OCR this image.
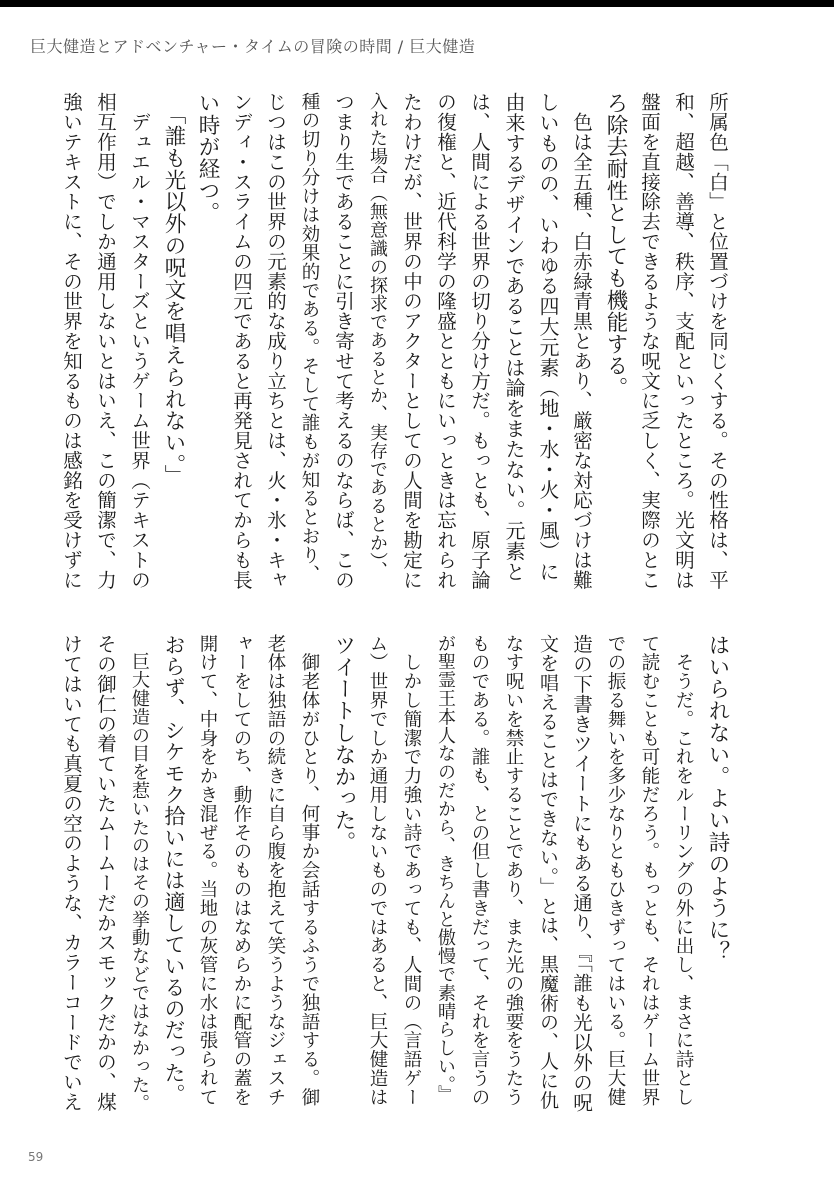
巨大健造とアドベンチャー・タイムの冒険の時間 / 巨大健造
所属色「白」と位置づけを同じくする。その性格は、平
和、超越、善導、秩序、支配といったところ。光文明は
盤面を直接除去できるような呪文に乏しく、実際のとこ
ろ除去耐性としても機能する。
　色は全五種、白赤緑青黒とあり、厳密な対応づけは難
しいものの、いわゆる四大元素（地・水・火・風）に
由来するデザインであることは論をまたない。元素と
は、人間による世界の切り分け方だ。もっとも、原子論
の復権と、近代科学の隆盛とともにいっときは忘れられ
たわけだが、世界の中のアクターとしての人間を勘定に
入れた場合（無意識の探求であるとか、実存であるとか）、
つまり生であることに引き寄せて考えるのならば、この
種の切り分けは効果的である。そして誰もが知るとおり、
じつはこの世界の元素的な成り立ちとは、火・氷・キャ
ンディ・スライムの四元であると再発見されてからも長
い時が経つ。
　「誰も光以外の呪文を唱えられない。」
　デュエル・マスターズというゲーム世界（テキストの
相互作用）でしか通用しないとはいえ、この簡潔で、力
強いテキストに、その世界を知るものは感銘を受けずに
はいられない。よい詩のように？
　そうだ。これをルーリングの外に出し、まさに詩とし
て読むことも可能だろう。もっとも、それはゲーム世界
での振る舞いを多少なりともひきずってはいる。巨大健
造の下書きツイートにもある通り、『「誰も光以外の呪
文を唱えることはできない。」とは、黒魔術の、人に仇
なす呪いを禁止することであり、また光の強要をうたう
ものである。誰も、との但し書きだって、それを言うの
が聖霊王本人なのだから、きちんと傲慢で素晴らしい。』
　しかし簡潔で力強い詩であっても、人間の（言語ゲー
ム）世界でしか通用しないものではあると、巨大健造は
ツイートしなかった。
　御老体がひとり、何事か会話するふうで独語する。御
老体は独語の続きに自ら腹を抱えて笑うようなジェスチ
ャーをしてのち、動作そのものはなめらかに配管の蓋を
開けて、中身をかき混ぜる。当地の灰管に水は張られて
おらず、シケモク拾いには適しているのだった。
　巨大健造の目を惹いたのはその挙動などではなかった。
その御仁の着ていたムームーだかスモックだかの、煤
けてはいても真夏の空のような、カラーコードでいえ
59
